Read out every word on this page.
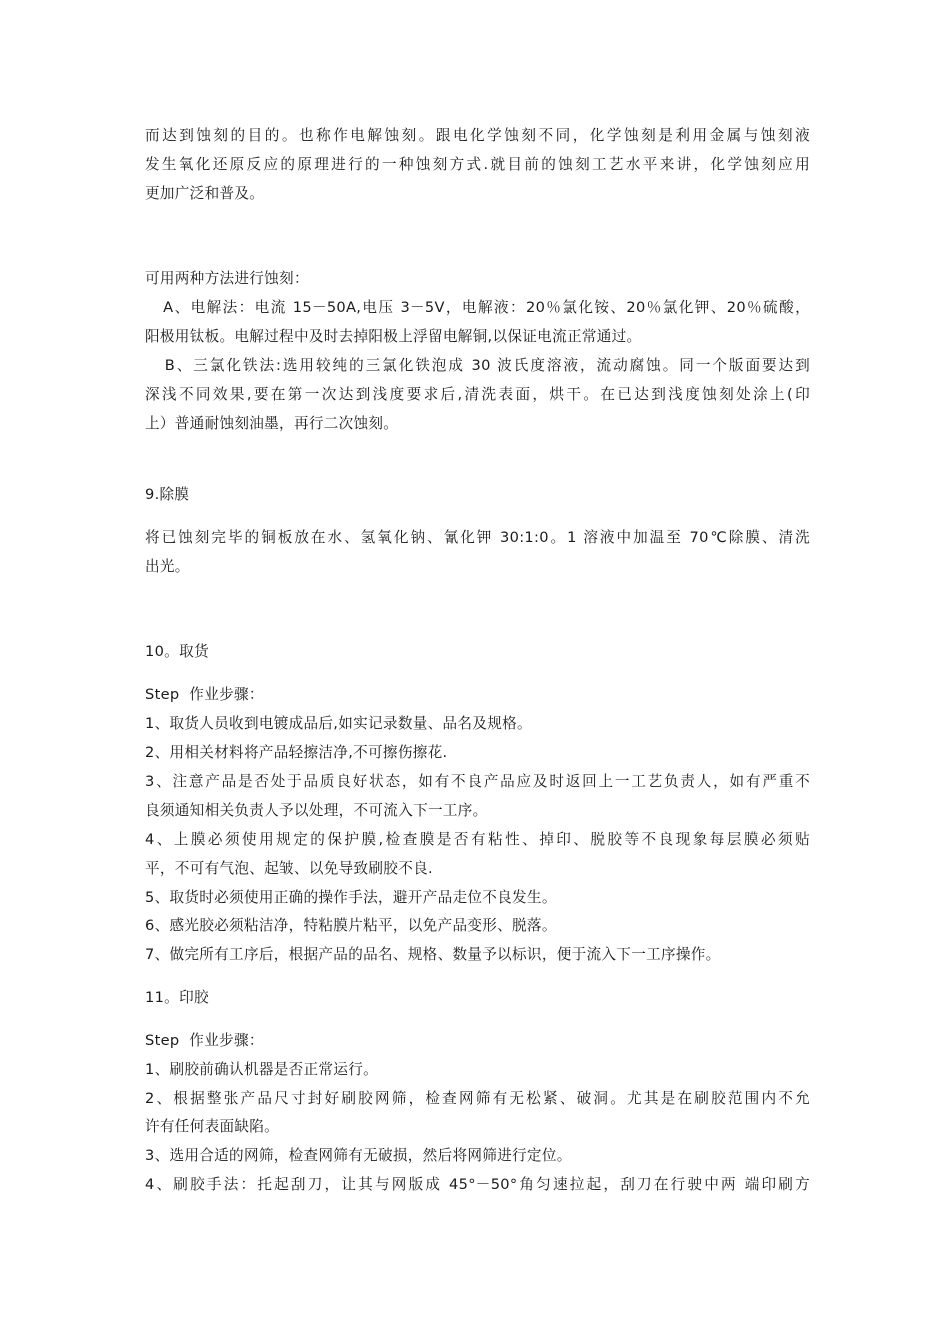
而达到蚀刻的目的。也称作电解蚀刻。跟电化学蚀刻不同，化学蚀刻是利用金属与蚀刻液
发生氧化还原反应的原理进行的一种蚀刻方式.就目前的蚀刻工艺水平来讲，化学蚀刻应用
更加广泛和普及。
可用两种方法进行蚀刻：
A、电解法：电流 15－50A,电压 3－5V，电解液：20％氯化铵、20％氯化钾、20％硫酸，
阳极用钛板。电解过程中及时去掉阳极上浮留电解铜,以保证电流正常通过。
B、三氯化铁法:选用较纯的三氯化铁泡成 30 波氏度溶液，流动腐蚀。同一个版面要达到
深浅不同效果,要在第一次达到浅度要求后,清洗表面，烘干。在已达到浅度蚀刻处涂上(印
上）普通耐蚀刻油墨，再行二次蚀刻。
9.除膜
将已蚀刻完毕的铜板放在水、氢氧化钠、氰化钾 30:1:0。1 溶液中加温至 70℃除膜、清洗
出光。
10。取货
Step  作业步骤：
1、取货人员收到电镀成品后,如实记录数量、品名及规格。
2、用相关材料将产品轻擦洁净,不可擦伤擦花.
3、注意产品是否处于品质良好状态，如有不良产品应及时返回上一工艺负责人，如有严重不
良须通知相关负责人予以处理，不可流入下一工序。
4、上膜必须使用规定的保护膜,检查膜是否有粘性、掉印、脱胶等不良现象每层膜必须贴
平，不可有气泡、起皱、以免导致刷胶不良.
5、取货时必须使用正确的操作手法，避开产品走位不良发生。
6、感光胶必须粘洁净，特粘膜片粘平，以免产品变形、脱落。
7、做完所有工序后，根据产品的品名、规格、数量予以标识，便于流入下一工序操作。
11。印胶
Step  作业步骤：
1、刷胶前确认机器是否正常运行。
2、根据整张产品尺寸封好刷胶网筛，检查网筛有无松紧、破洞。尤其是在刷胶范围内不允
许有任何表面缺陷。
3、选用合适的网筛，检查网筛有无破损，然后将网筛进行定位。
4、刷胶手法：托起刮刀，让其与网版成 45°－50°角匀速拉起，刮刀在行驶中两 端印刷方
